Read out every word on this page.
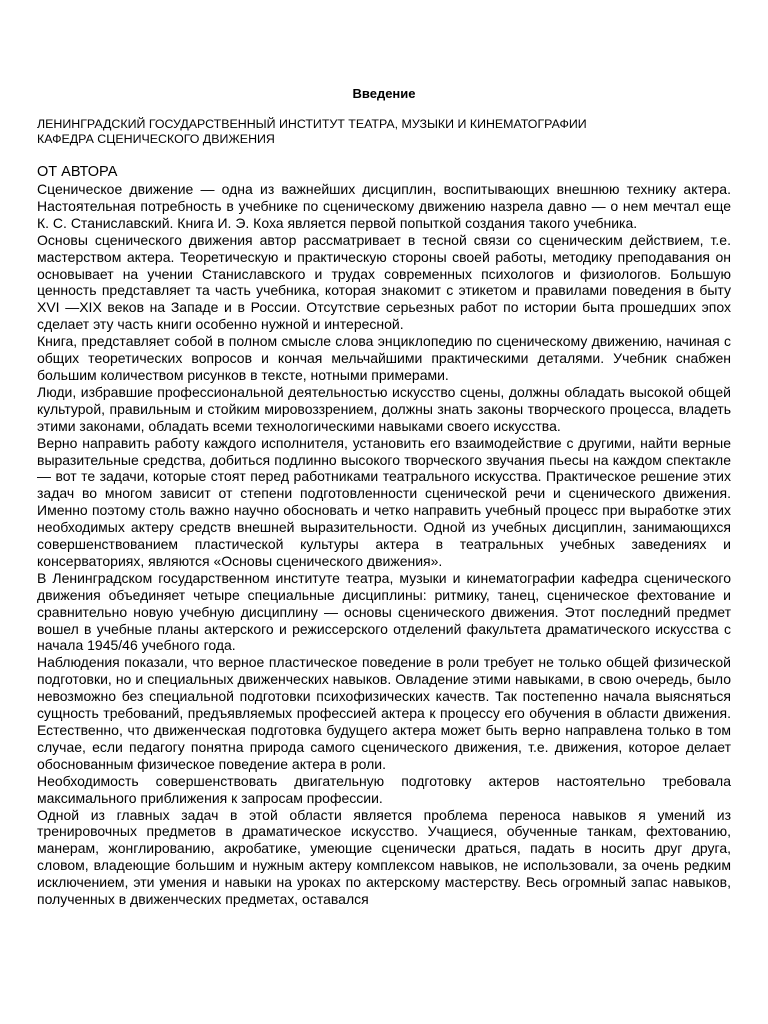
Введение
ЛЕНИНГРАДСКИЙ ГОСУДАРСТВЕННЫЙ ИНСТИТУТ ТЕАТРА, МУЗЫКИ И КИНЕМАТОГРАФИИ
КАФЕДРА СЦЕНИЧЕСКОГО ДВИЖЕНИЯ

ОТ АВТОРА

Сценическое движение — одна из важнейших дисциплин, воспитывающих внешнюю технику актера. Настоятельная потребность в учебнике по сценическому движению назрела давно — о нем мечтал еще К. С. Станиславский. Книга И. Э. Коха является первой попыткой создания такого учебника.

Основы сценического движения автор рассматривает в тесной связи со сценическим действием, т.е. мастерством актера. Теоретическую и практическую стороны своей работы, методику преподавания он основывает на учении Станиславского и трудах современных психологов и физиологов. Большую ценность представляет та часть учебника, которая знакомит с этикетом и правилами поведения в быту XVI —XIX веков на Западе и в России. Отсутствие серьезных работ по истории быта прошедших эпох сделает эту часть книги особенно нужной и интересной.

Книга, представляет собой в полном смысле слова энциклопедию по сценическому движению, начиная с общих теоретических вопросов и кончая мельчайшими практическими деталями. Учебник снабжен большим количеством рисунков в тексте, нотными примерами.

Люди, избравшие профессиональной деятельностью искусство сцены, должны обладать высокой общей культурой, правильным и стойким мировоззрением, должны знать законы творческого процесса, владеть этими законами, обладать всеми технологическими навыками своего искусства.

Верно направить работу каждого исполнителя, установить его взаимодействие с другими, найти верные выразительные средства, добиться подлинно высокого творческого звучания пьесы на каждом спектакле — вот те задачи, которые стоят перед работниками театрального искусства. Практическое решение этих задач во многом зависит от степени подготовленности сценической речи и сценического движения. Именно поэтому столь важно научно обосновать и четко направить учебный процесс при выработке этих необходимых актеру средств внешней выразительности. Одной из учебных дисциплин, занимающихся совершенствованием пластической культуры актера в театральных учебных заведениях и консерваториях, являются «Основы сценического движения».

В Ленинградском государственном институте театра, музыки и кинематографии кафедра сценического движения объединяет четыре специальные дисциплины: ритмику, танец, сценическое фехтование и сравнительно новую учебную дисциплину — основы сценического движения. Этот последний предмет вошел в учебные планы актерского и режиссерского отделений факультета драматического искусства с начала 1945/46 учебного года.

Наблюдения показали, что верное пластическое поведение в роли требует не только общей физической подготовки, но и специальных движенческих навыков. Овладение этими навыками, в свою очередь, было невозможно без специальной подготовки психофизических качеств. Так постепенно начала выясняться сущность требований, предъявляемых профессией актера к процессу его обучения в области движения. Естественно, что движенческая подготовка будущего актера может быть верно направлена только в том случае, если педагогу понятна природа самого сценического движения, т.е. движения, которое делает обоснованным физическое поведение актера в роли.

Необходимость совершенствовать двигательную подготовку актеров настоятельно требовала максимального приближения к запросам профессии.

Одной из главных задач в этой области является проблема переноса навыков я умений из тренировочных предметов в драматическое искусство. Учащиеся, обученные танкам, фехтованию, манерам, жонглированию, акробатике, умеющие сценически драться, падать в носить друг друга, словом, владеющие большим и нужным актеру комплексом навыков, не использовали, за очень редким исключением, эти умения и навыки на уроках по актерскому мастерству. Весь огромный запас навыков, полученных в движенческих предметах, оставался
